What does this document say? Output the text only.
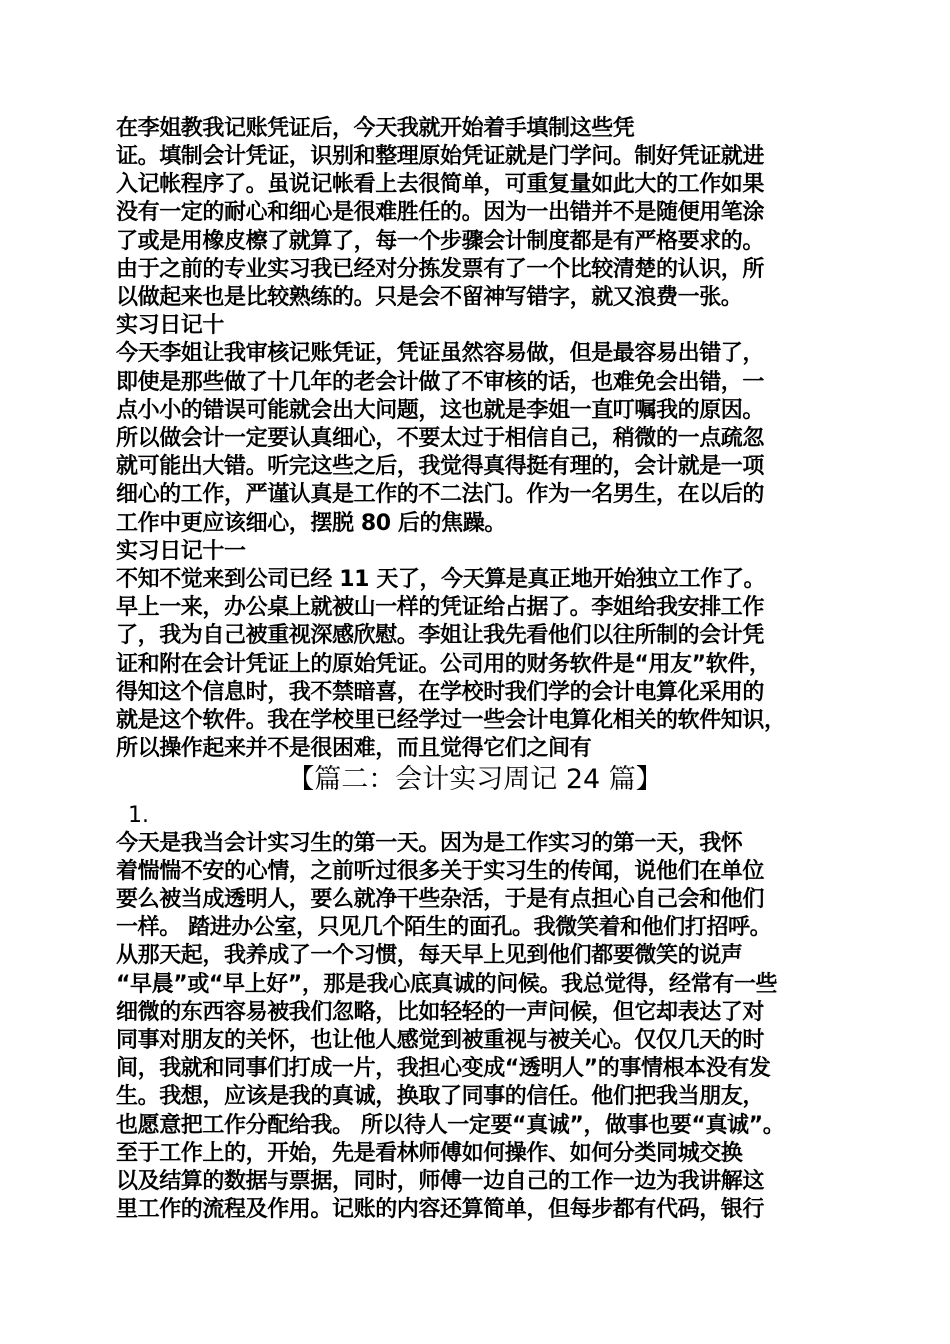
在李姐教我记账凭证后，今天我就开始着手填制这些凭
证。填制会计凭证，识别和整理原始凭证就是门学问。制好凭证就进
入记帐程序了。虽说记帐看上去很简单，可重复量如此大的工作如果
没有一定的耐心和细心是很难胜任的。因为一出错并不是随便用笔涂
了或是用橡皮檫了就算了，每一个步骤会计制度都是有严格要求的。
由于之前的专业实习我已经对分拣发票有了一个比较清楚的认识，所
以做起来也是比较熟练的。只是会不留神写错字，就又浪费一张。
实习日记十
今天李姐让我审核记账凭证，凭证虽然容易做，但是最容易出错了，
即使是那些做了十几年的老会计做了不审核的话，也难免会出错，一
点小小的错误可能就会出大问题，这也就是李姐一直叮嘱我的原因。
所以做会计一定要认真细心，不要太过于相信自己，稍微的一点疏忽
就可能出大错。听完这些之后，我觉得真得挺有理的，会计就是一项
细心的工作，严谨认真是工作的不二法门。作为一名男生，在以后的
工作中更应该细心，摆脱 80 后的焦躁。
实习日记十一
不知不觉来到公司已经 11 天了，今天算是真正地开始独立工作了。
早上一来，办公桌上就被山一样的凭证给占据了。李姐给我安排工作
了，我为自己被重视深感欣慰。李姐让我先看他们以往所制的会计凭
证和附在会计凭证上的原始凭证。公司用的财务软件是“用友”软件，
得知这个信息时，我不禁暗喜，在学校时我们学的会计电算化采用的
就是这个软件。我在学校里已经学过一些会计电算化相关的软件知识，
所以操作起来并不是很困难，而且觉得它们之间有
【篇二：会计实习周记 24 篇】
1.
今天是我当会计实习生的第一天。因为是工作实习的第一天，我怀
着惴惴不安的心情，之前听过很多关于实习生的传闻，说他们在单位
要么被当成透明人，要么就净干些杂活，于是有点担心自己会和他们
一样。 踏进办公室，只见几个陌生的面孔。我微笑着和他们打招呼。
从那天起，我养成了一个习惯，每天早上见到他们都要微笑的说声
“早晨”或“早上好”，那是我心底真诚的问候。我总觉得，经常有一些
细微的东西容易被我们忽略，比如轻轻的一声问候，但它却表达了对
同事对朋友的关怀，也让他人感觉到被重视与被关心。仅仅几天的时
间，我就和同事们打成一片，我担心变成“透明人”的事情根本没有发
生。我想，应该是我的真诚，换取了同事的信任。他们把我当朋友，
也愿意把工作分配给我。 所以待人一定要“真诚”，做事也要“真诚”。
至于工作上的，开始，先是看林师傅如何操作、如何分类同城交换
以及结算的数据与票据，同时，师傅一边自己的工作一边为我讲解这
里工作的流程及作用。记账的内容还算简单，但每步都有代码，银行
